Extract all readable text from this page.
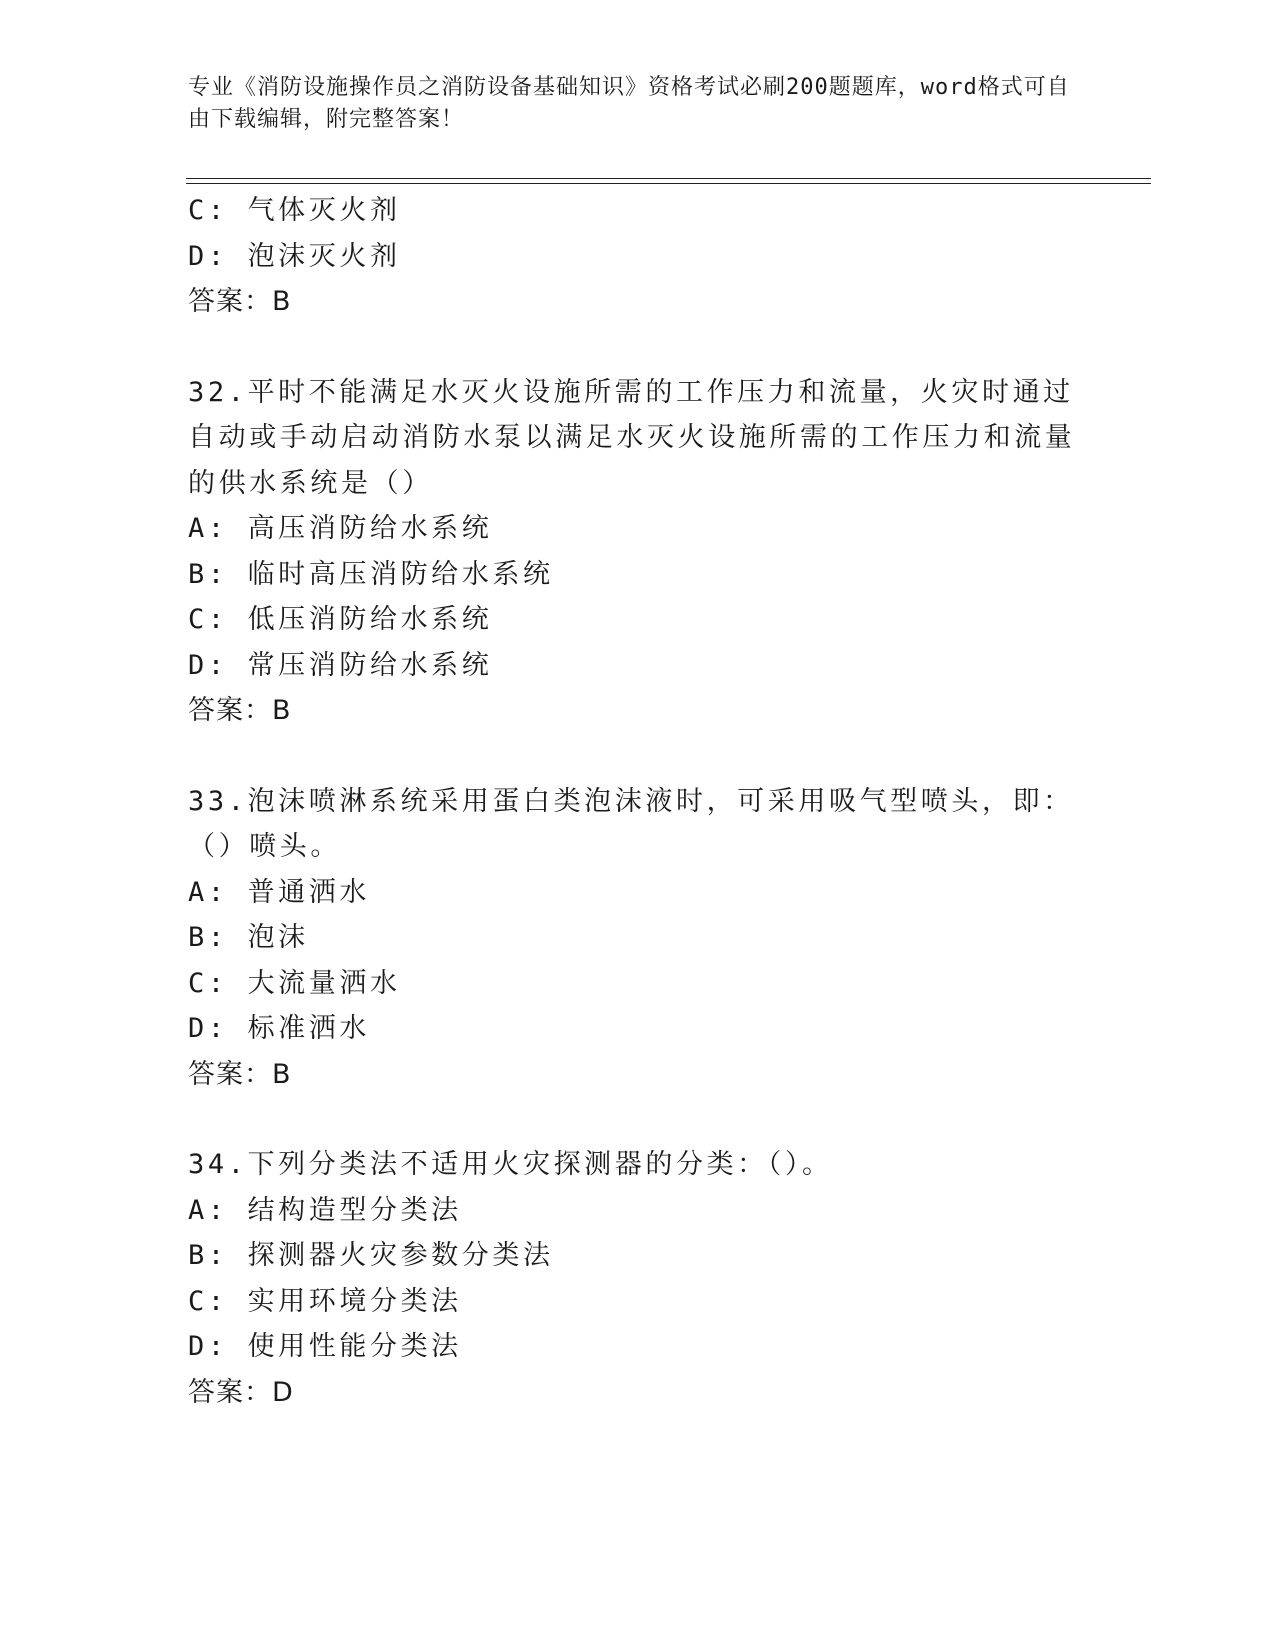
专业《消防设施操作员之消防设备基础知识》资格考试必刷200题题库，word格式可自由下载编辑，附完整答案！
C: 气体灭火剂
D: 泡沫灭火剂
答案：B
32.平时不能满足水灭火设施所需的工作压力和流量，火灾时通过自动或手动启动消防水泵以满足水灭火设施所需的工作压力和流量的供水系统是（）
A: 高压消防给水系统
B: 临时高压消防给水系统
C: 低压消防给水系统
D: 常压消防给水系统
答案：B
33.泡沫喷淋系统采用蛋白类泡沫液时，可采用吸气型喷头，即：（）喷头。
A: 普通洒水
B: 泡沫
C: 大流量洒水
D: 标准洒水
答案：B
34.下列分类法不适用火灾探测器的分类：（）。
A: 结构造型分类法
B: 探测器火灾参数分类法
C: 实用环境分类法
D: 使用性能分类法
答案：D
